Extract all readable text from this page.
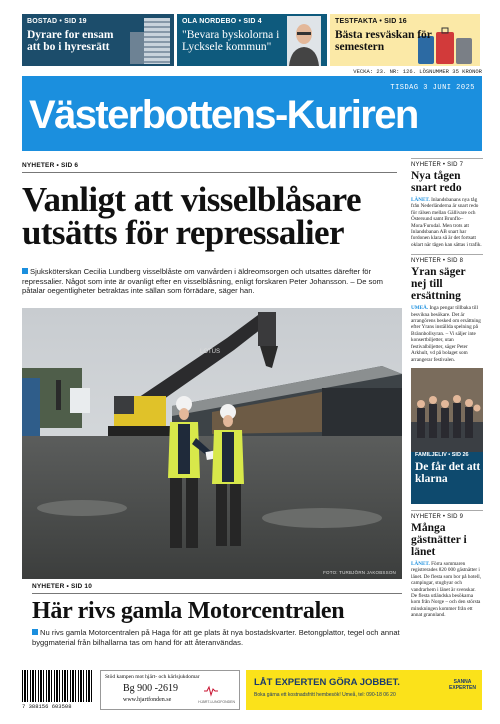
BOSTAD • SID 19
Dyrare for ensam att bo i hyresrätt
OLA NORDEBO • SID 4
"Bevara byskolorna i Lycksele kommun"
TESTFAKTA • SID 16
Bästa resväskan för semestern
VECKA: 23. NR: 126. LÖSNUMMER 35 KRONOR
TISDAG 3 JUNI 2025
Västerbottens-Kuriren
NYHETER • SID 6
Vanligt att visselblåsare utsätts för repressalier

Sjuksköterskan Cecilia Lundberg visselblåste om vanvården i äldreomsorgen och utsattes därefter för repressalier. Något som inte är ovanligt efter en visselblåsning, enligt forskaren Peter Johansson. – De som påtalar oegentligheter betraktas inte sällan som förrädare, säger han.

LOTUS
FOTO: TURBJÖRN JAKOBSSON
NYHETER • SID 10
Här rivs gamla Motorcentralen

Nu rivs gamla Motorcentralen på Haga för att ge plats åt nya bostadskvarter. Betongplattor, tegel och annat byggmaterial från bilhallarna tas om hand för att återanvändas.

NYHETER • SID 7
Nya tågen snart redo
LÄNET. Inlandsbanans nya tåg från Nederländerna är snart redo för rälsen mellan Gällivare och Östersund samt Brunflo–Mora/Furudal. Men trots att Inlandsbanan AB snart har fordonen klara så är det fortsatt oklart när tågen kan sättas i trafik.
NYHETER • SID 8
Yran säger nej till ersättning
UMEÅ. Inga pengar tillbaka till besvikna besökare. Det är arrangörens besked om ersättning efter Yrans inställda spelning på Brännbollsyran. – Vi säljer inte konsertbiljetter, utan festivalbiljetter, säger Peter Arkhult, vd på bolaget som arrangerar festivalen.
FAMILJELIV • SID 26
De får det att klarna
NYHETER • SID 9
Många gästnätter i länet
LÄNET. Förra sommaren registrerades 820 000 gästnätter i länet. De flesta som bor på hotell, campingar, stugbyar och vandrarhem i länet är svenskar. De flesta utländska besökarna kom från Norge – och den största minskningen kommer från ett annat grannland.
7 388156 603508
Stöd kampen mot hjärt- och kärlsjukdomar
Bg 900 -2619
www.hjartfonden.se	HJÄRT-LUNGFONDEN
LÅT EXPERTEN GÖRA JOBBET.
Boka gärna ett kostnadsfritt hembesök! Umeå, tel: 090-18 06 20
SANNA
EXPERTEN
